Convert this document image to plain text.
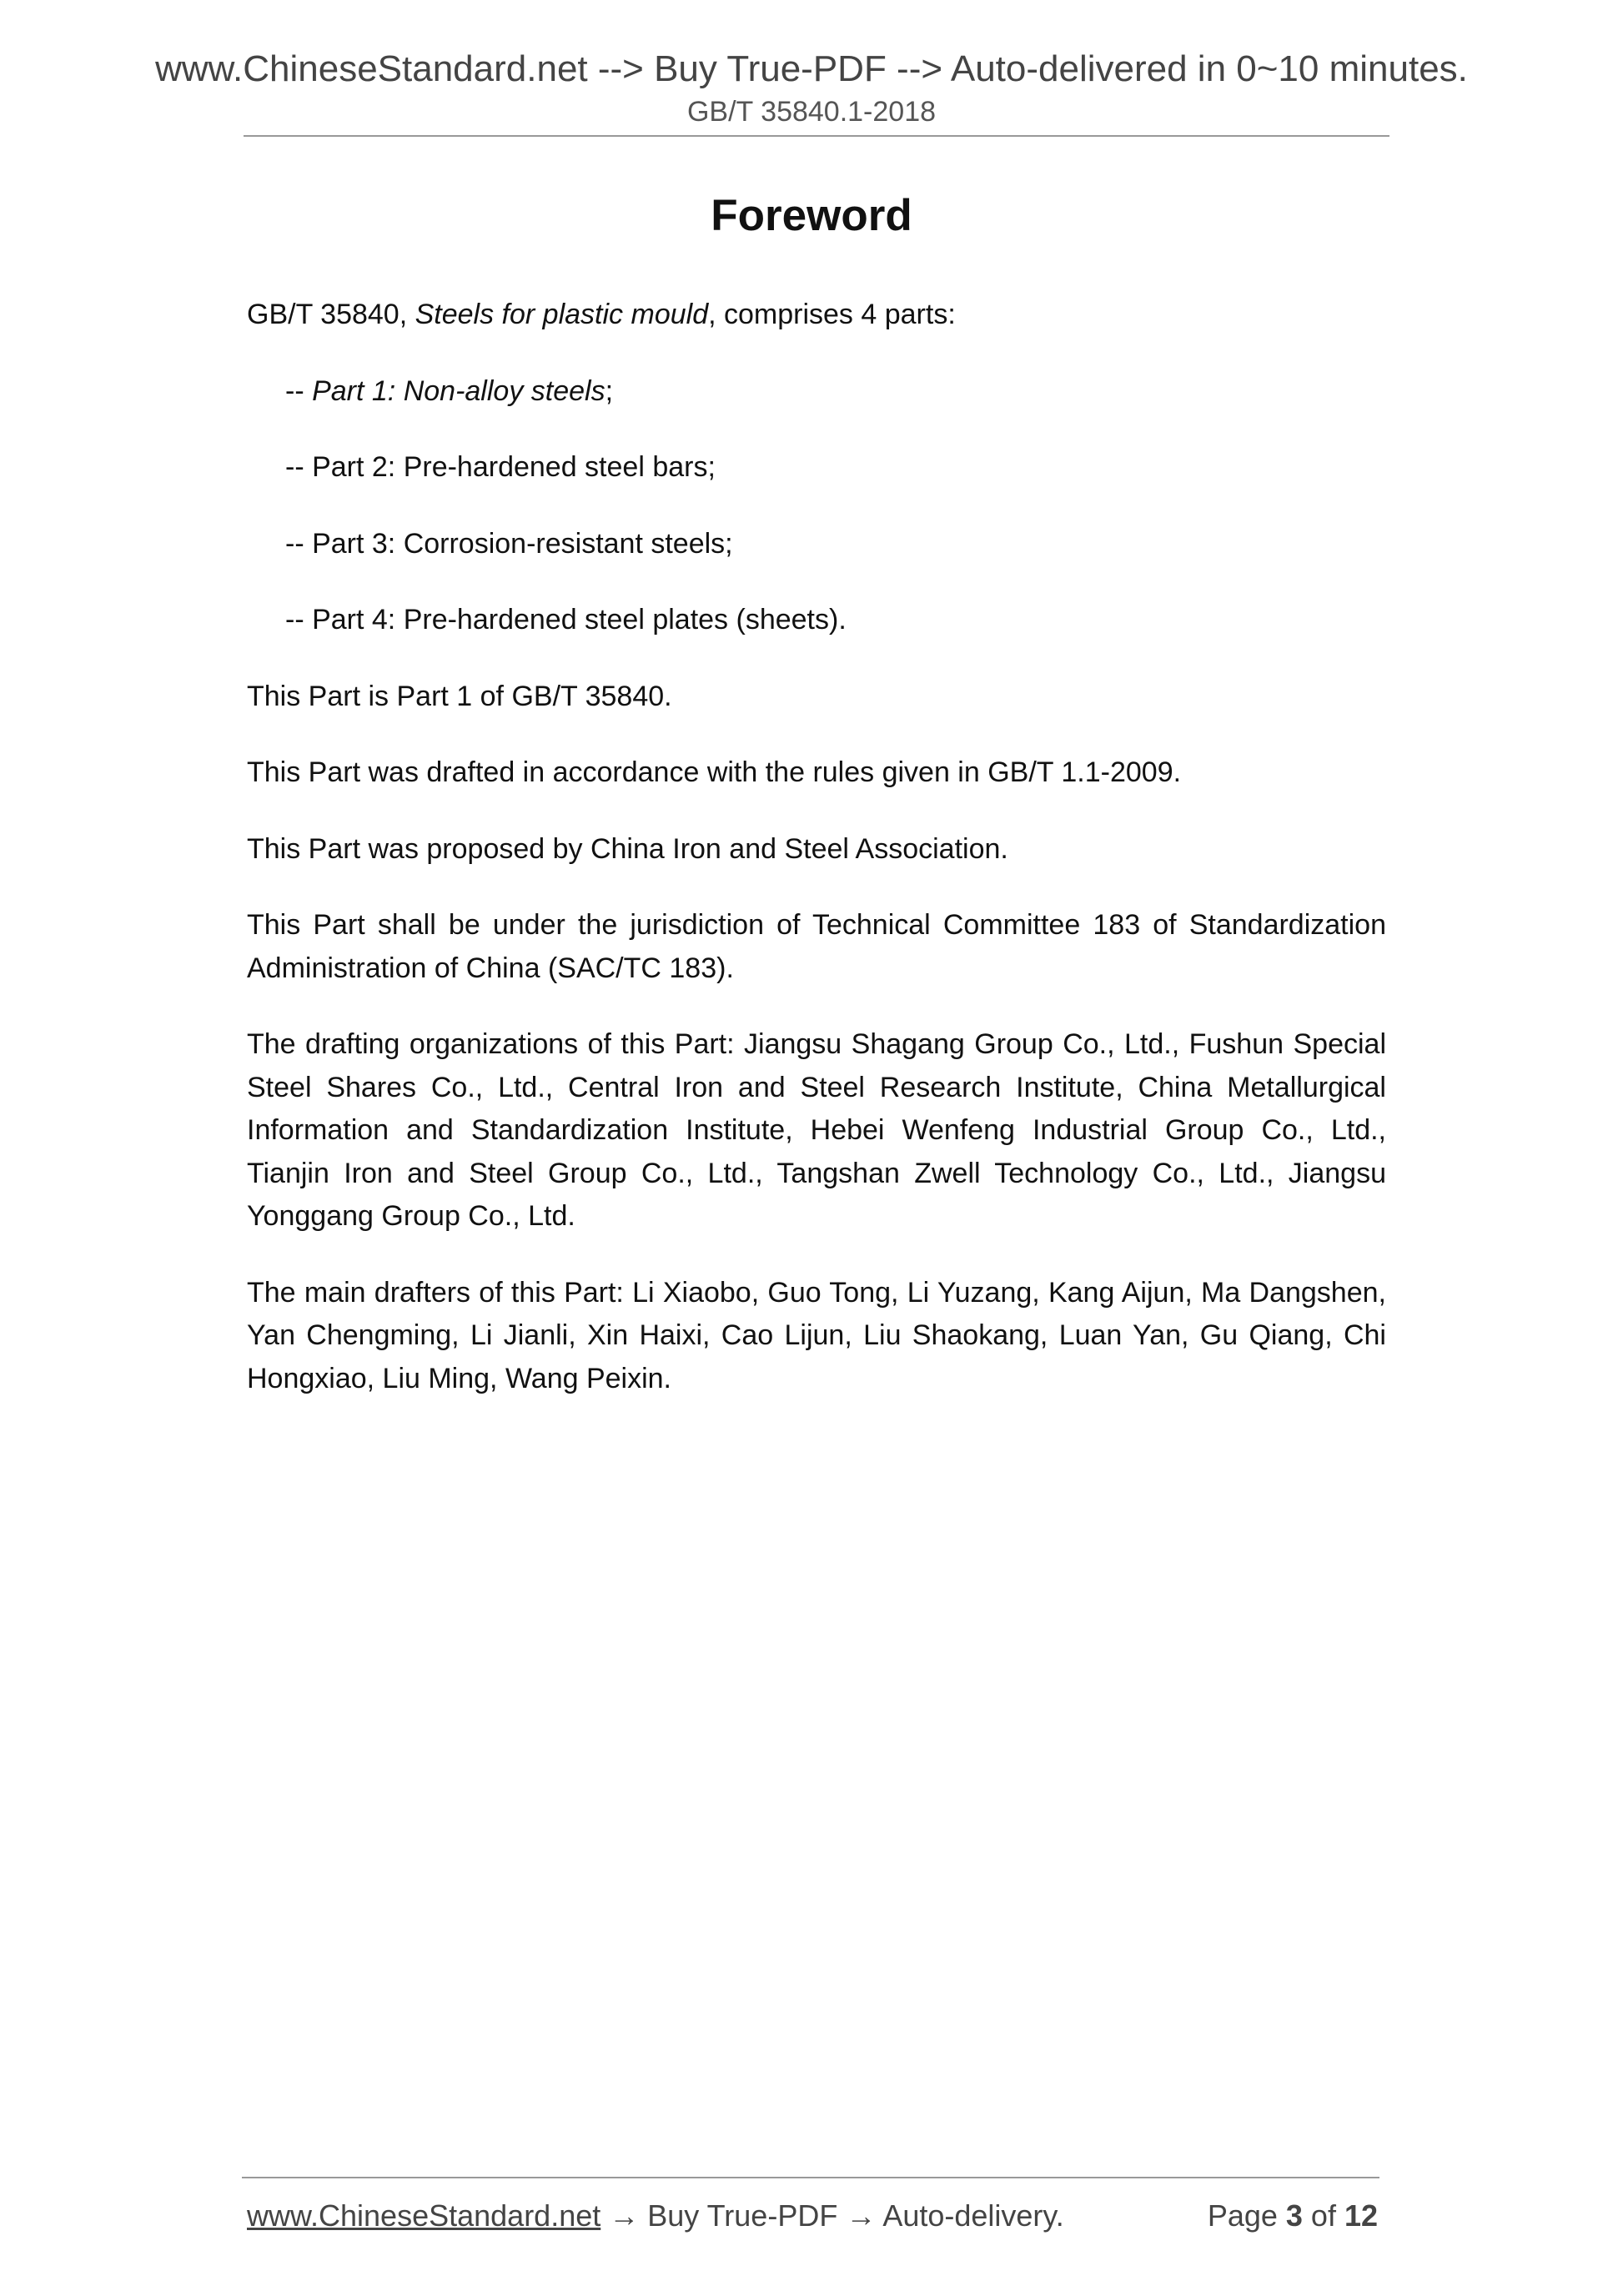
www.ChineseStandard.net --> Buy True-PDF --> Auto-delivered in 0~10 minutes.
GB/T 35840.1-2018
Foreword

GB/T 35840, Steels for plastic mould, comprises 4 parts:

-- Part 1: Non-alloy steels;

-- Part 2: Pre-hardened steel bars;

-- Part 3: Corrosion-resistant steels;

-- Part 4: Pre-hardened steel plates (sheets).

This Part is Part 1 of GB/T 35840.

This Part was drafted in accordance with the rules given in GB/T 1.1-2009.

This Part was proposed by China Iron and Steel Association.

This Part shall be under the jurisdiction of Technical Committee 183 of Standardization Administration of China (SAC/TC 183).

The drafting organizations of this Part: Jiangsu Shagang Group Co., Ltd., Fushun Special Steel Shares Co., Ltd., Central Iron and Steel Research Institute, China Metallurgical Information and Standardization Institute, Hebei Wenfeng Industrial Group Co., Ltd., Tianjin Iron and Steel Group Co., Ltd., Tangshan Zwell Technology Co., Ltd., Jiangsu Yonggang Group Co., Ltd.

The main drafters of this Part: Li Xiaobo, Guo Tong, Li Yuzang, Kang Aijun, Ma Dangshen, Yan Chengming, Li Jianli, Xin Haixi, Cao Lijun, Liu Shaokang, Luan Yan, Gu Qiang, Chi Hongxiao, Liu Ming, Wang Peixin.

www.ChineseStandard.net → Buy True-PDF → Auto-delivery.	Page 3 of 12
